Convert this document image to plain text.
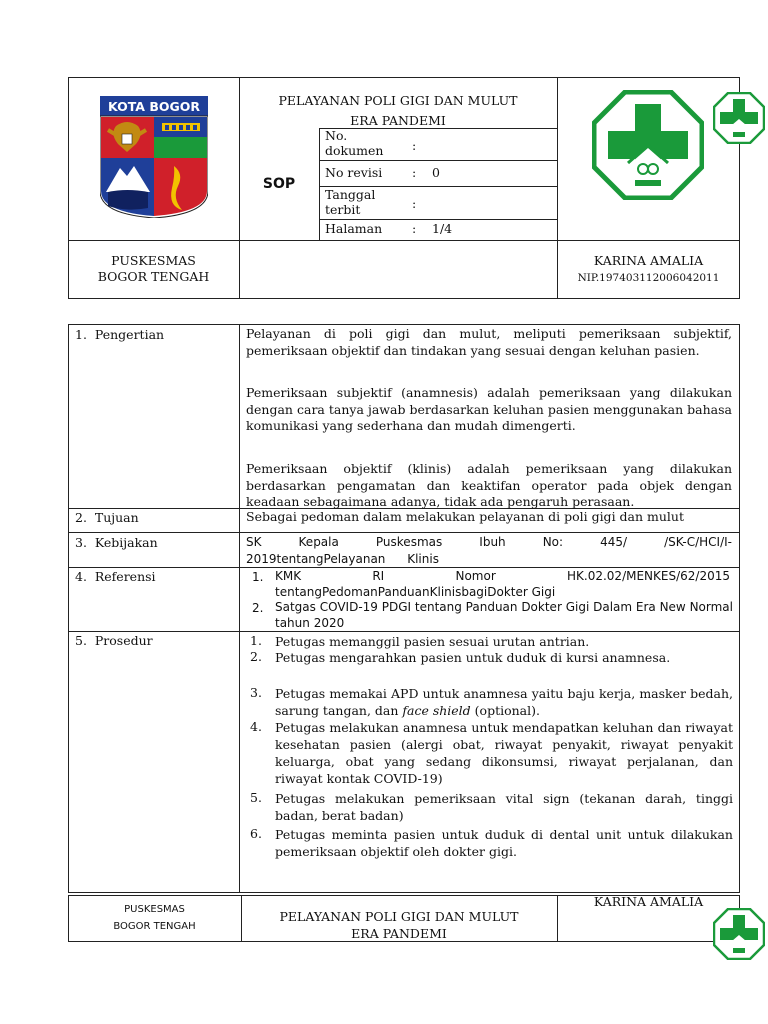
KOTA BOGOR	PELAYANAN POLI GIGI DAN MULUT
ERA PANDEMI
SOP
No. dokumen	:
No revisi : 0
Tanggal terbit	:
Halaman : 1/4
PUSKESMAS
BOGOR TENGAH
KARINA AMALIA
NIP.197403112006042011
1.  Pengertian	Pelayanan di poli gigi dan mulut, meliputi pemeriksaan subjektif, pemeriksaan objektif dan tindakan yang sesuai dengan keluhan pasien.
Pemeriksaan subjektif (anamnesis) adalah pemeriksaan yang dilakukan dengan cara tanya jawab berdasarkan keluhan pasien menggunakan bahasa komunikasi yang sederhana dan mudah dimengerti.
Pemeriksaan objektif (klinis) adalah pemeriksaan yang dilakukan berdasarkan pengamatan dan keaktifan operator pada objek dengan keadaan sebagaimana adanya, tidak ada pengaruh perasaan.
2.  Tujuan	Sebagai pedoman dalam melakukan pelayanan di poli gigi dan mulut
3.  Kebijakan	SK Kepala Puskesmas Ibuh No: 445/ /SK-C/HCI/I-2019tentangPelayanan Klinis
4.  Referensi	1. KMK RI Nomor HK.02.02/MENKES/62/2015 tentangPedomanPanduanKlinisbagiDokter Gigi
2. Satgas COVID-19 PDGI tentang Panduan Dokter Gigi Dalam Era New Normal tahun 2020
5.  Prosedur	1. Petugas memanggil pasien sesuai urutan antrian.
2. Petugas mengarahkan pasien untuk duduk di kursi anamnesa.
3. Petugas memakai APD untuk anamnesa yaitu baju kerja, masker bedah, sarung tangan, dan face shield (optional).
4. Petugas melakukan anamnesa untuk mendapatkan keluhan dan riwayat kesehatan pasien (alergi obat, riwayat penyakit, riwayat penyakit keluarga, obat yang sedang dikonsumsi, riwayat perjalanan, dan riwayat kontak COVID-19)
5. Petugas melakukan pemeriksaan vital sign (tekanan darah, tinggi badan, berat badan)
6. Petugas meminta pasien untuk duduk di dental unit untuk dilakukan pemeriksaan objektif oleh dokter gigi.
PUSKESMAS
BOGOR TENGAH
PELAYANAN POLI GIGI DAN MULUT
ERA PANDEMI
KARINA AMALIA
